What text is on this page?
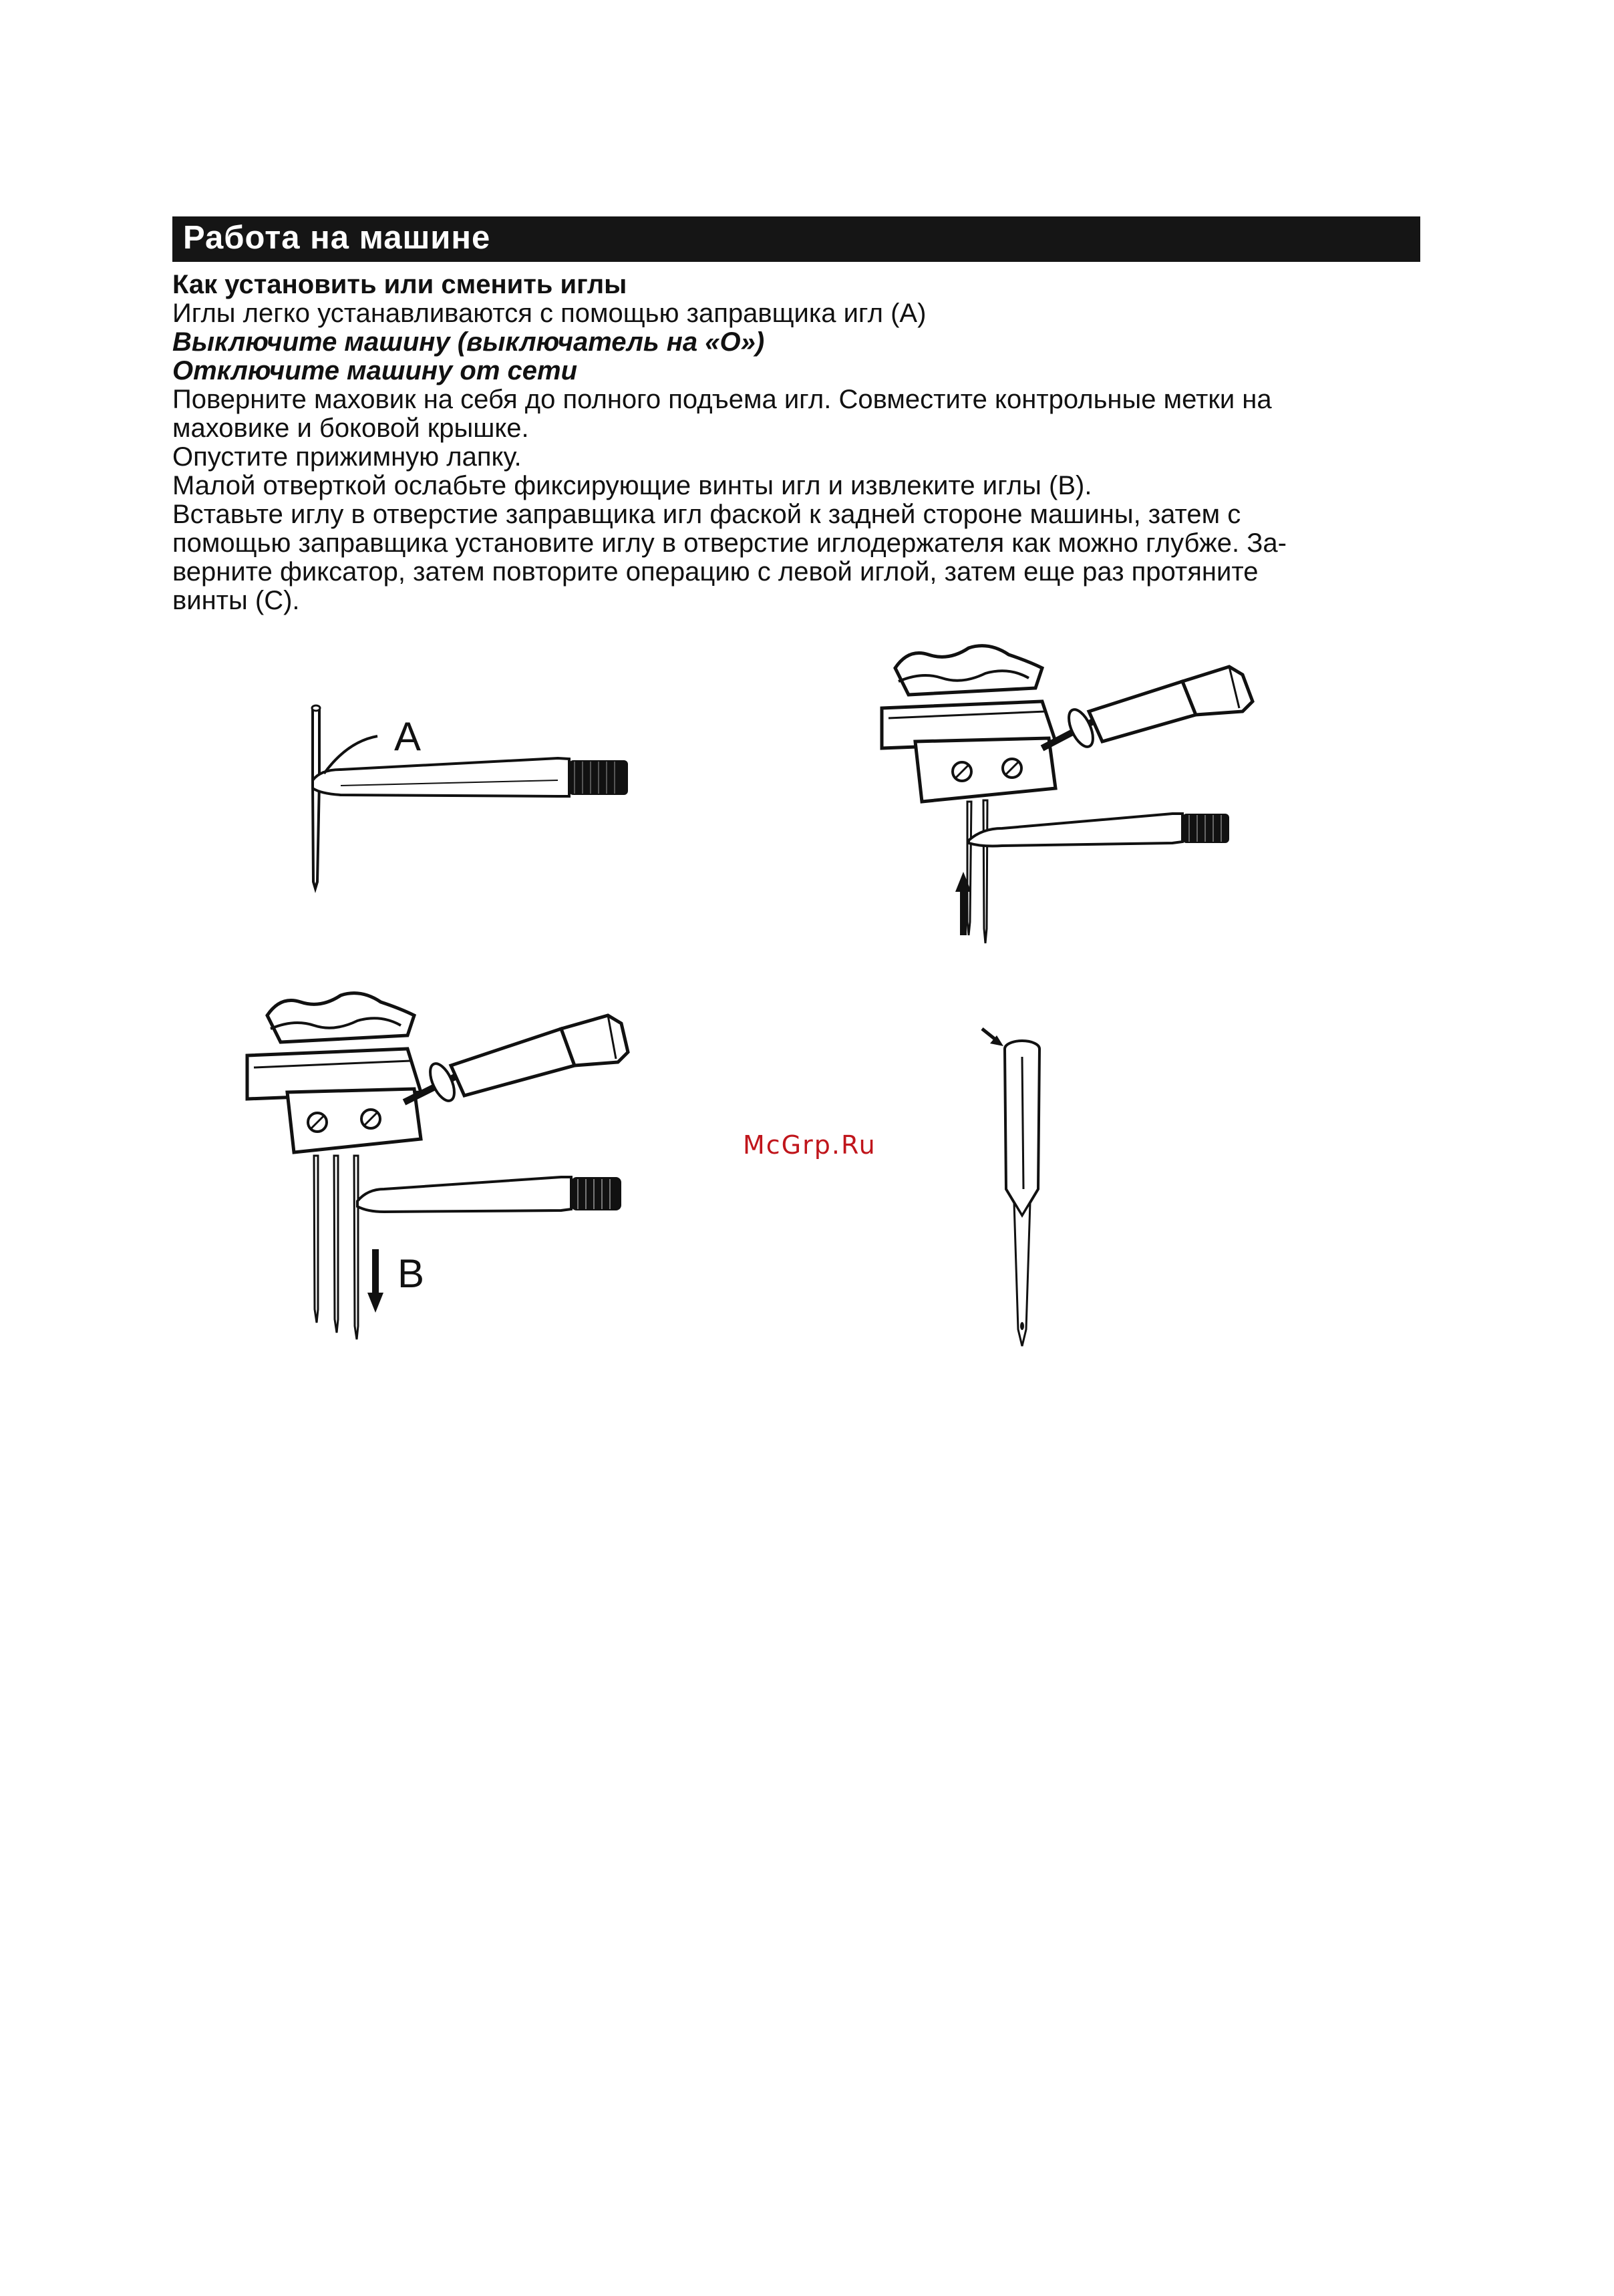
Работа на машине
Как установить или сменить иглы
Иглы легко устанавливаются с помощью заправщика игл (А)
Выключите машину (выключатель на «О»)
Отключите машину от сети
Поверните маховик на себя до полного подъема игл. Совместите контрольные метки на
маховике и боковой крышке.
Опустите прижимную лапку.
Малой отверткой ослабьте фиксирующие винты игл и извлеките иглы (В).
Вставьте иглу в отверстие заправщика игл фаской к задней стороне машины, затем с
помощью заправщика установите иглу в отверстие иглодержателя как можно глубже. За-
верните фиксатор, затем повторите операцию с левой иглой, затем еще раз протяните
винты (С).
A
B
McGrp.Ru
